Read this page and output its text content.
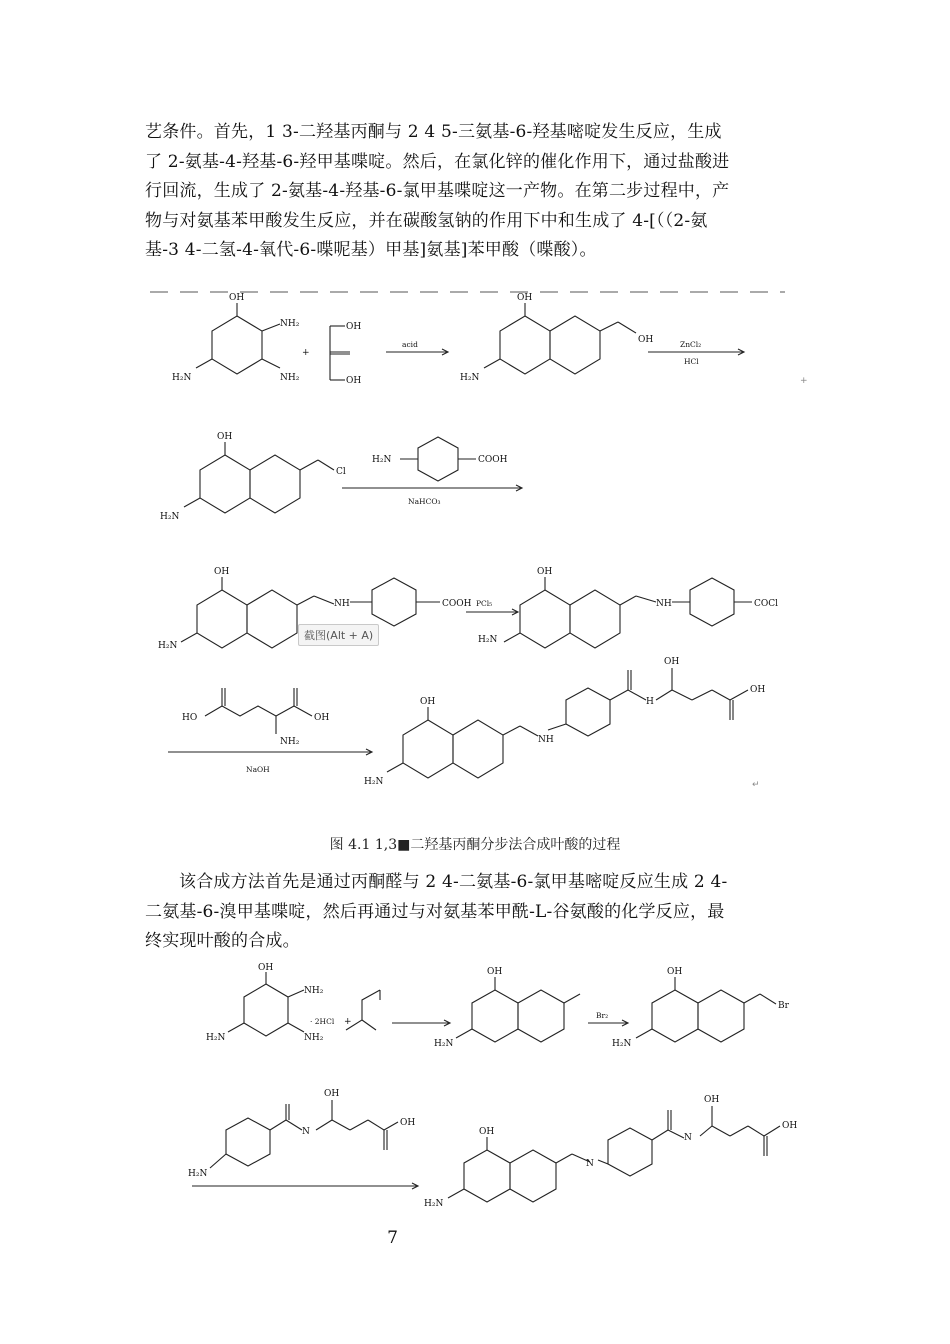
艺条件。首先，1 3-二羟基丙酮与 2 4 5-三氨基-6-羟基嘧啶发生反应，生成
了 2-氨基-4-羟基-6-羟甲基喋啶。然后，在氯化锌的催化作用下，通过盐酸进
行回流，生成了 2-氨基-4-羟基-6-氯甲基喋啶这一产物。在第二步过程中，产
物与对氨基苯甲酸发生反应，并在碳酸氢钠的作用下中和生成了 4-[（（2-氨
基-3 4-二氢-4-氧代-6-喋呢基）甲基]氨基]苯甲酸（喋酸）。
OH
NH₂
NH₂
H₂N
+
OH
OH
acid
OH
H₂N
OH	ZnCl₂
HCl
OH
H₂N
Cl
H₂N	COOH
NaHCO₃
OH
H₂N
NH	COOH PCl₅
OH
H₂N
NH	COCl
HO	OH
NH₂
NaOH
OH
H₂N
NH
H
OH
OH
截图(Alt + A)
+
↵
图 4.1 1,3■二羟基丙酮分步法合成叶酸的过程
该合成方法首先是通过丙酮醛与 2 4-二氨基-6-氯甲基嘧啶反应生成 2 4-
二氨基-6-溴甲基喋啶，然后再通过与对氨基苯甲酰-L-谷氨酸的化学反应，最
终实现叶酸的合成。
OH
NH₂
NH₂
H₂N
· 2HCl +
OH
H₂N
Br₂
OH
H₂N
Br
H₂N
N
OH
OH
OH
H₂N
N
N
OH
OH
7
